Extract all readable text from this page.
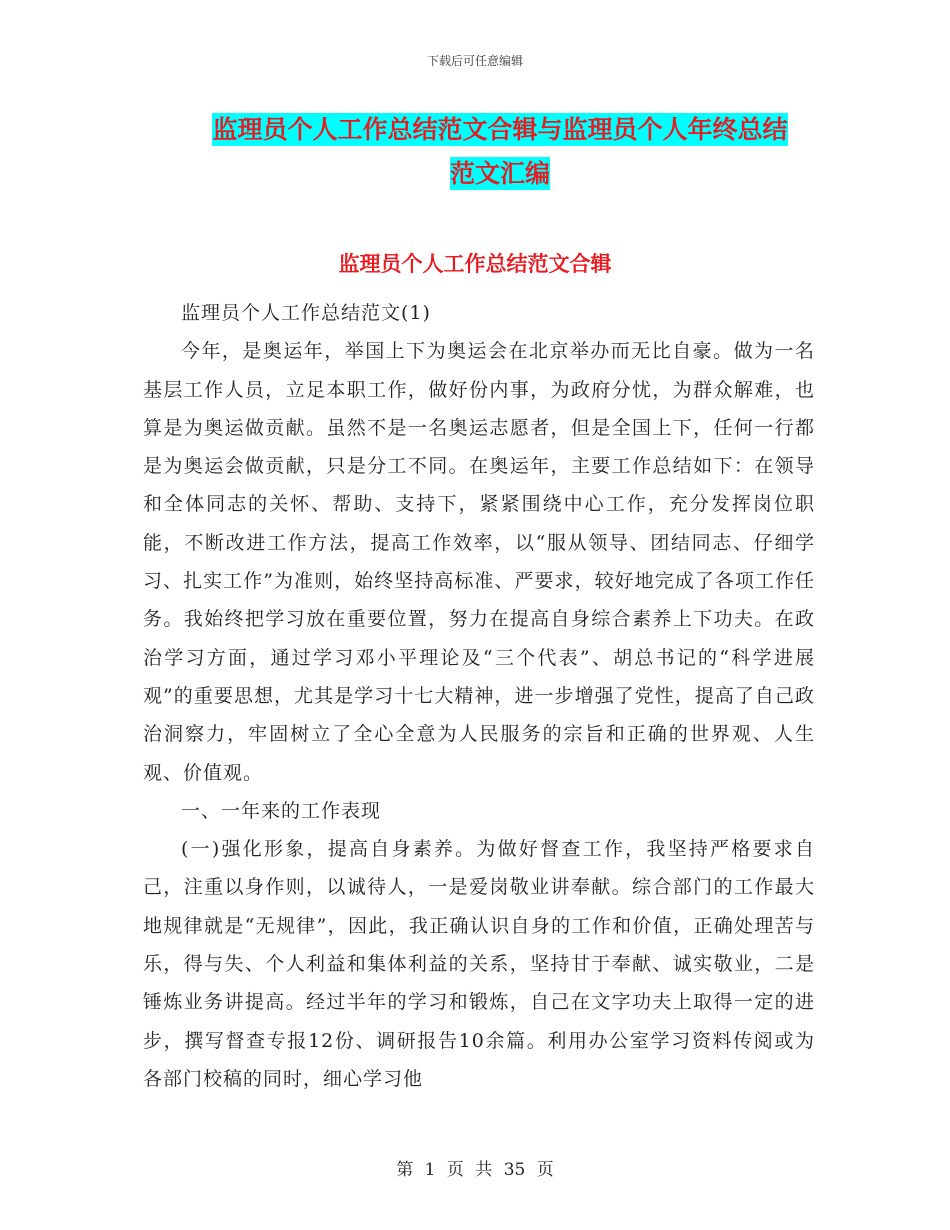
下载后可任意编辑
监理员个人工作总结范文合辑与监理员个人年终总结
范文汇编
监理员个人工作总结范文合辑

监理员个人工作总结范文(1)

今年，是奥运年，举国上下为奥运会在北京举办而无比自豪。做为一名基层工作人员，立足本职工作，做好份内事，为政府分忧，为群众解难，也算是为奥运做贡献。虽然不是一名奥运志愿者，但是全国上下，任何一行都是为奥运会做贡献，只是分工不同。在奥运年，主要工作总结如下：在领导和全体同志的关怀、帮助、支持下，紧紧围绕中心工作，充分发挥岗位职能，不断改进工作方法，提高工作效率，以“服从领导、团结同志、仔细学习、扎实工作”为准则，始终坚持高标准、严要求，较好地完成了各项工作任务。我始终把学习放在重要位置，努力在提高自身综合素养上下功夫。在政治学习方面，通过学习邓小平理论及“三个代表”、胡总书记的“科学进展观”的重要思想，尤其是学习十七大精神，进一步增强了党性，提高了自己政治洞察力，牢固树立了全心全意为人民服务的宗旨和正确的世界观、人生观、价值观。

一、一年来的工作表现

(一)强化形象，提高自身素养。为做好督查工作，我坚持严格要求自己，注重以身作则，以诚待人，一是爱岗敬业讲奉献。综合部门的工作最大地规律就是“无规律”，因此，我正确认识自身的工作和价值，正确处理苦与乐，得与失、个人利益和集体利益的关系，坚持甘于奉献、诚实敬业，二是锤炼业务讲提高。经过半年的学习和锻炼，自己在文字功夫上取得一定的进步，撰写督查专报12份、调研报告10余篇。利用办公室学习资料传阅或为各部门校稿的同时，细心学习他

第 1 页 共 35 页
